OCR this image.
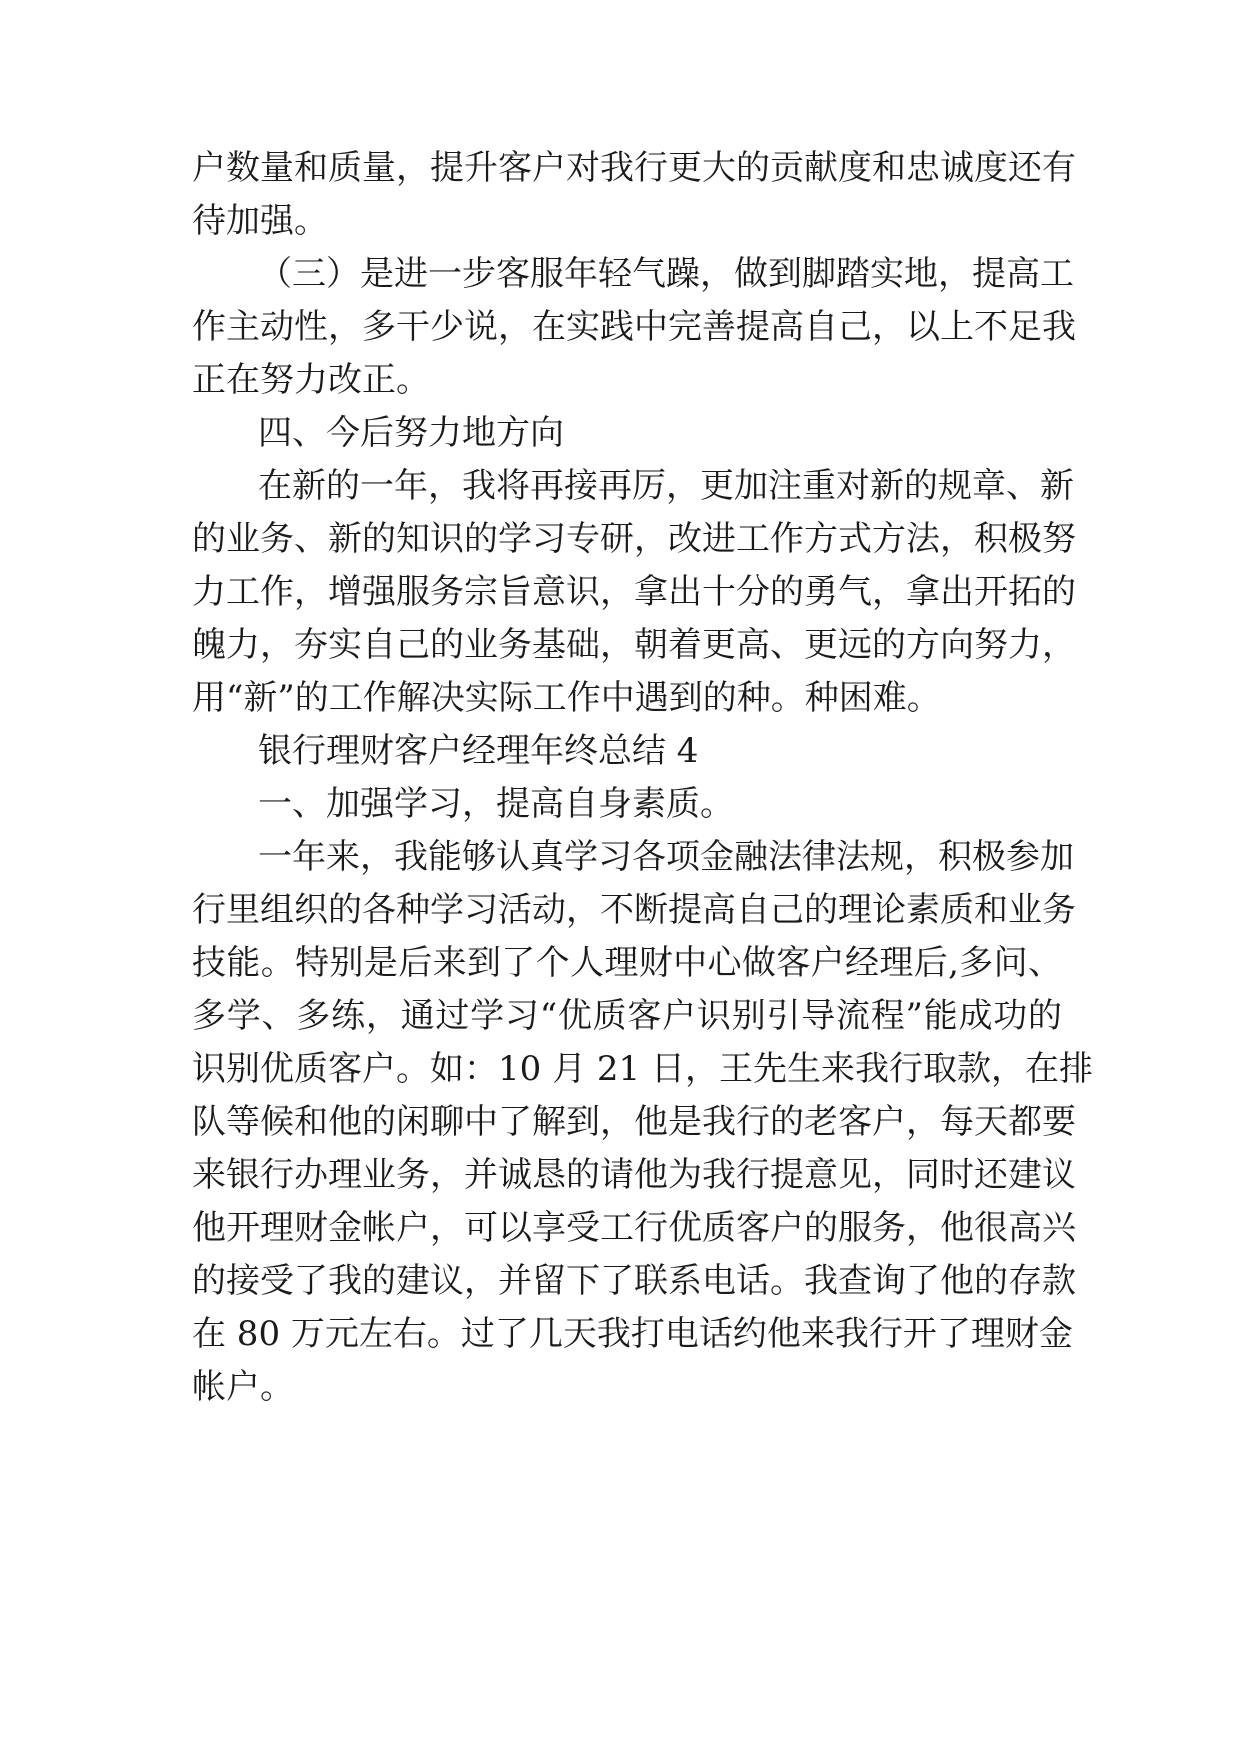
户数量和质量，提升客户对我行更大的贡献度和忠诚度还有
待加强。
（三）是进一步客服年轻气躁，做到脚踏实地，提高工
作主动性，多干少说，在实践中完善提高自己，以上不足我
正在努力改正。
四、今后努力地方向
在新的一年，我将再接再厉，更加注重对新的规章、新
的业务、新的知识的学习专研，改进工作方式方法，积极努
力工作，增强服务宗旨意识，拿出十分的勇气，拿出开拓的
魄力，夯实自己的业务基础，朝着更高、更远的方向努力，
用“新”的工作解决实际工作中遇到的种。种困难。
银行理财客户经理年终总结 4
一、加强学习，提高自身素质。
一年来，我能够认真学习各项金融法律法规，积极参加
行里组织的各种学习活动，不断提高自己的理论素质和业务
技能。特别是后来到了个人理财中心做客户经理后,多问、
多学、多练，通过学习“优质客户识别引导流程”能成功的
识别优质客户。如：10 月 21 日，王先生来我行取款，在排
队等候和他的闲聊中了解到，他是我行的老客户，每天都要
来银行办理业务，并诚恳的请他为我行提意见，同时还建议
他开理财金帐户，可以享受工行优质客户的服务，他很高兴
的接受了我的建议，并留下了联系电话。我查询了他的存款
在 80 万元左右。过了几天我打电话约他来我行开了理财金
帐户。
